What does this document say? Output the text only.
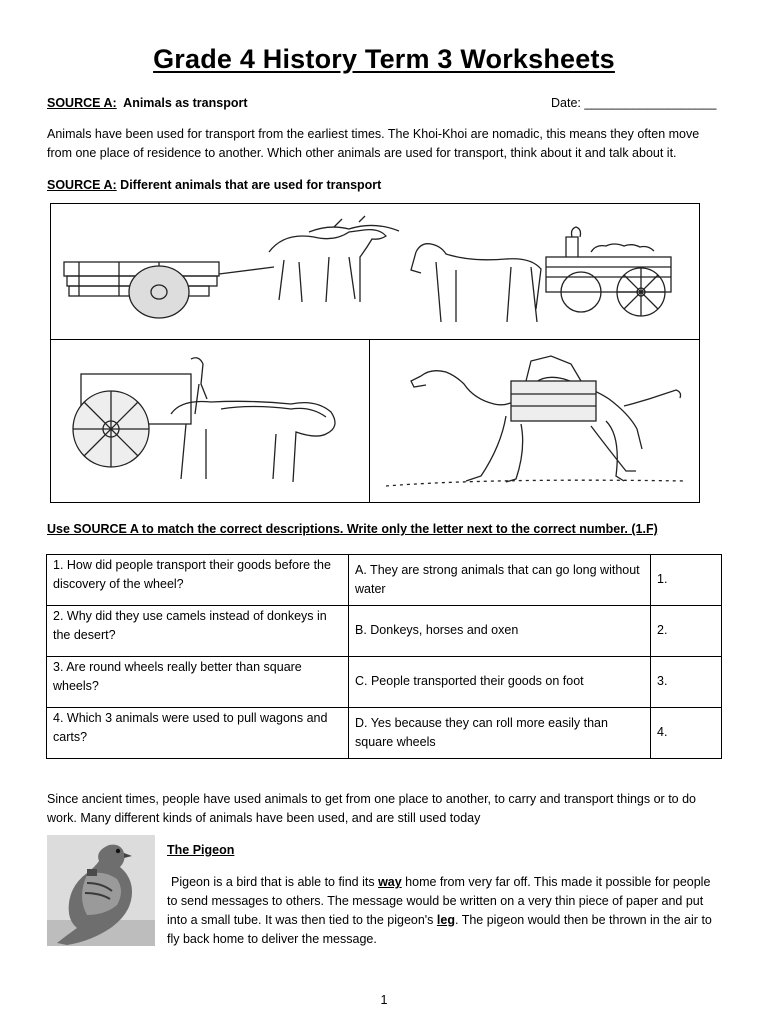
Grade 4 History Term 3 Worksheets
SOURCE A: Animals as transport	Date: ___________________
Animals have been used for transport from the earliest times. The Khoi-Khoi are nomadic, this means they often move from one place of residence to another. Which other animals are used for transport, think about it and talk about it.
SOURCE A: Different animals that are used for transport
Use SOURCE A to match the correct descriptions. Write only the letter next to the correct number. (1.F)
1. How did people transport their goods before the discovery of the wheel?	A. They are strong animals that can go long without water	1.
2. Why did they use camels instead of donkeys in the desert?	B. Donkeys, horses and oxen	2.
3. Are round wheels really better than square wheels?	C. People transported their goods on foot	3.
4. Which 3 animals were used to pull wagons and carts?	D. Yes because they can roll more easily than square wheels	4.
Since ancient times, people have used animals to get from one place to another, to carry and transport things or to do work. Many different kinds of animals have been used, and are still used today
The Pigeon
Pigeon is a bird that is able to find its way home from very far off. This made it possible for people to send messages to others. The message would be written on a very thin piece of paper and put into a small tube. It was then tied to the pigeon's leg. The pigeon would then be thrown in the air to fly back home to deliver the message.
1
